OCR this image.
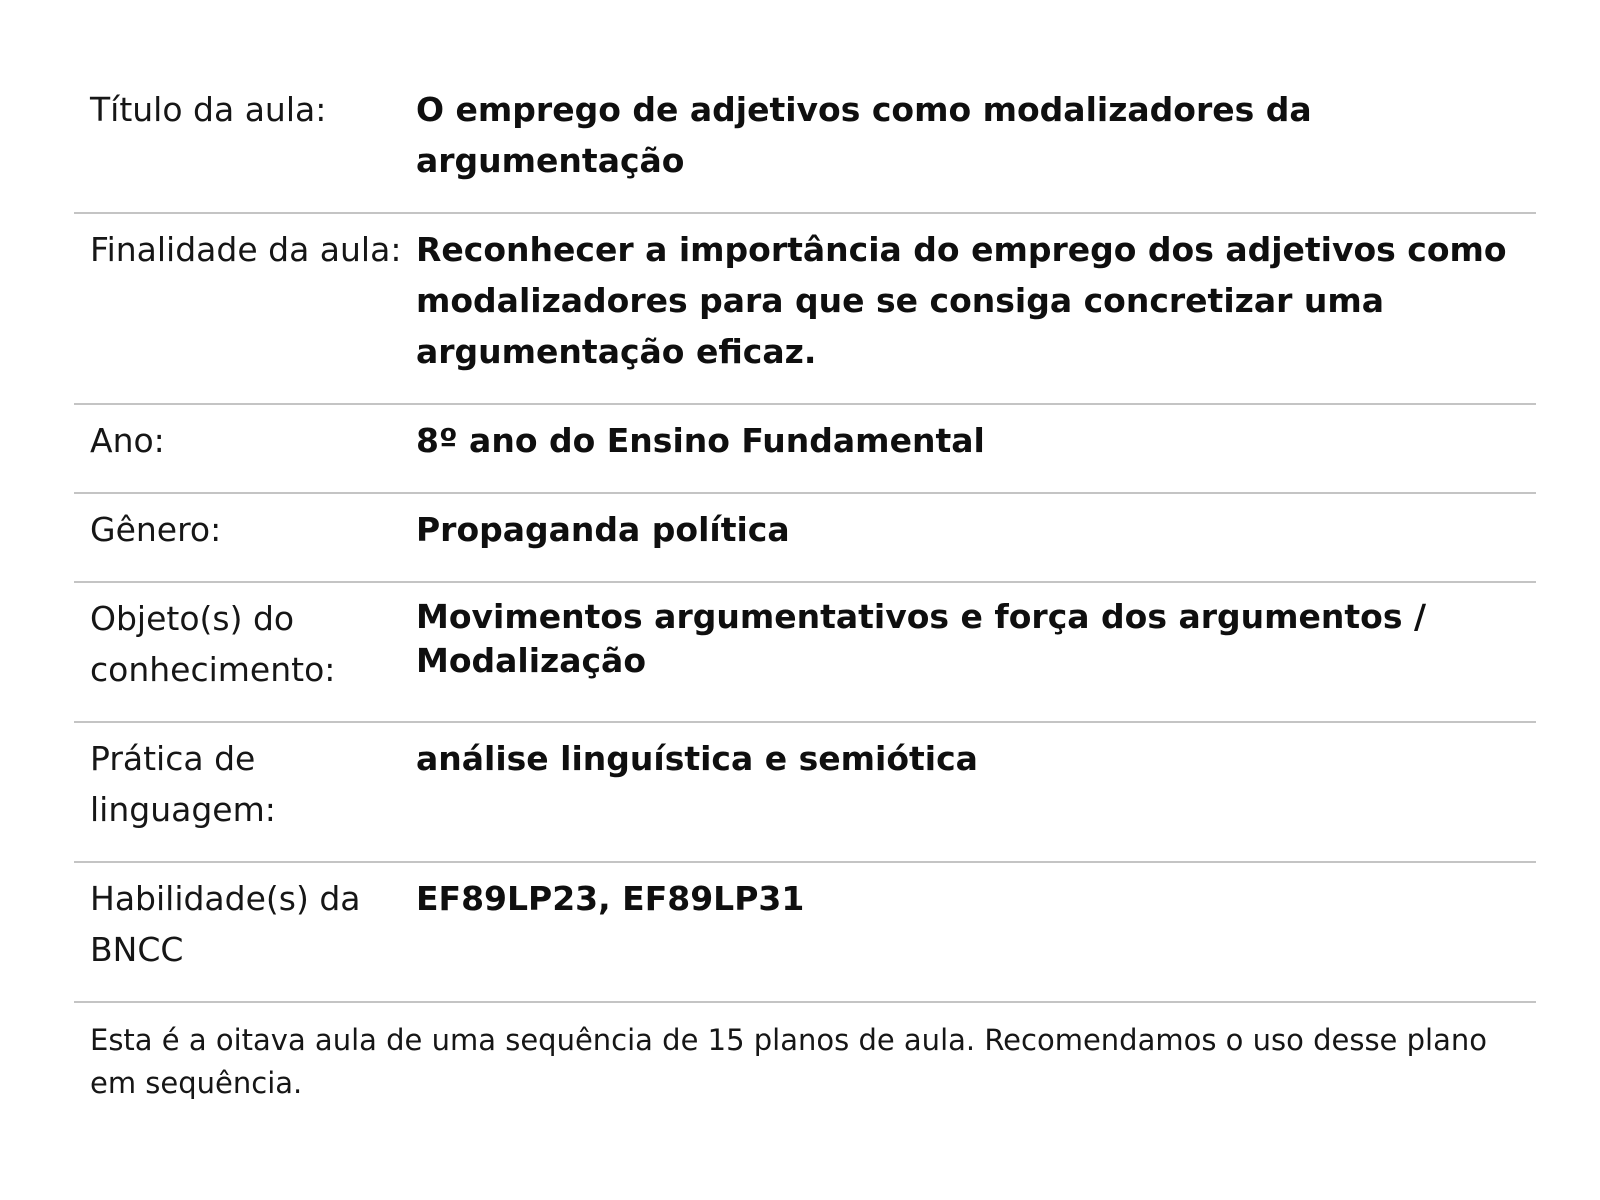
Título da aula:	O emprego de adjetivos como modalizadores da argumentação
Finalidade da aula:	Reconhecer a importância do emprego dos adjetivos como modalizadores para que se consiga concretizar uma argumentação eficaz.
Ano:	8º ano do Ensino Fundamental
Gênero:	Propaganda política
Objeto(s) do conhecimento:	Movimentos argumentativos e força dos argumentos / Modalização
Prática de linguagem:	análise linguística e semiótica
Habilidade(s) da BNCC	EF89LP23, EF89LP31
Esta é a oitava aula de uma sequência de 15 planos de aula. Recomendamos o uso desse plano em sequência.
